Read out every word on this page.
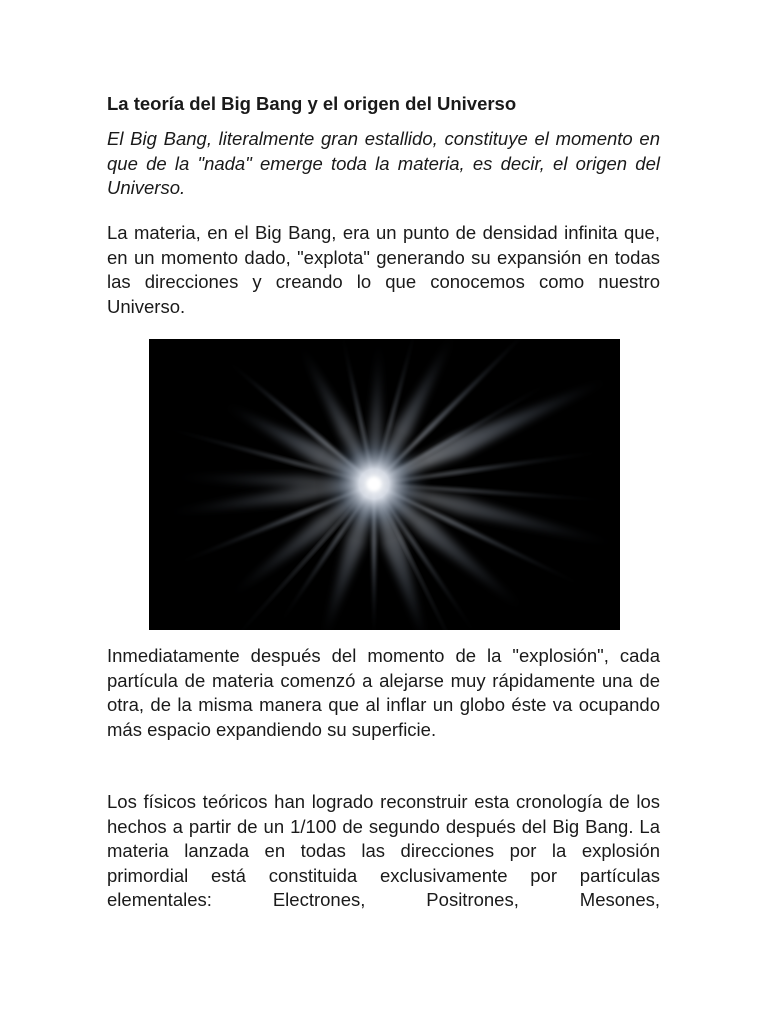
La teoría del Big Bang y el origen del Universo

El Big Bang, literalmente gran estallido, constituye el momento en que de la "nada" emerge toda la materia, es decir, el origen del Universo.

La materia, en el Big Bang, era un punto de densidad infinita que, en un momento dado, "explota" generando su expansión en todas las direcciones y creando lo que conocemos como nuestro Universo.

Inmediatamente después del momento de la "explosión", cada partícula de materia comenzó a alejarse muy rápidamente una de otra, de la misma manera que al inflar un globo éste va ocupando más espacio expandiendo su superficie.

Los físicos teóricos han logrado reconstruir esta cronología de los hechos a partir de un 1/100 de segundo después del Big Bang. La materia lanzada en todas las direcciones por la explosión primordial está constituida exclusivamente por partículas elementales: Electrones, Positrones, Mesones,
